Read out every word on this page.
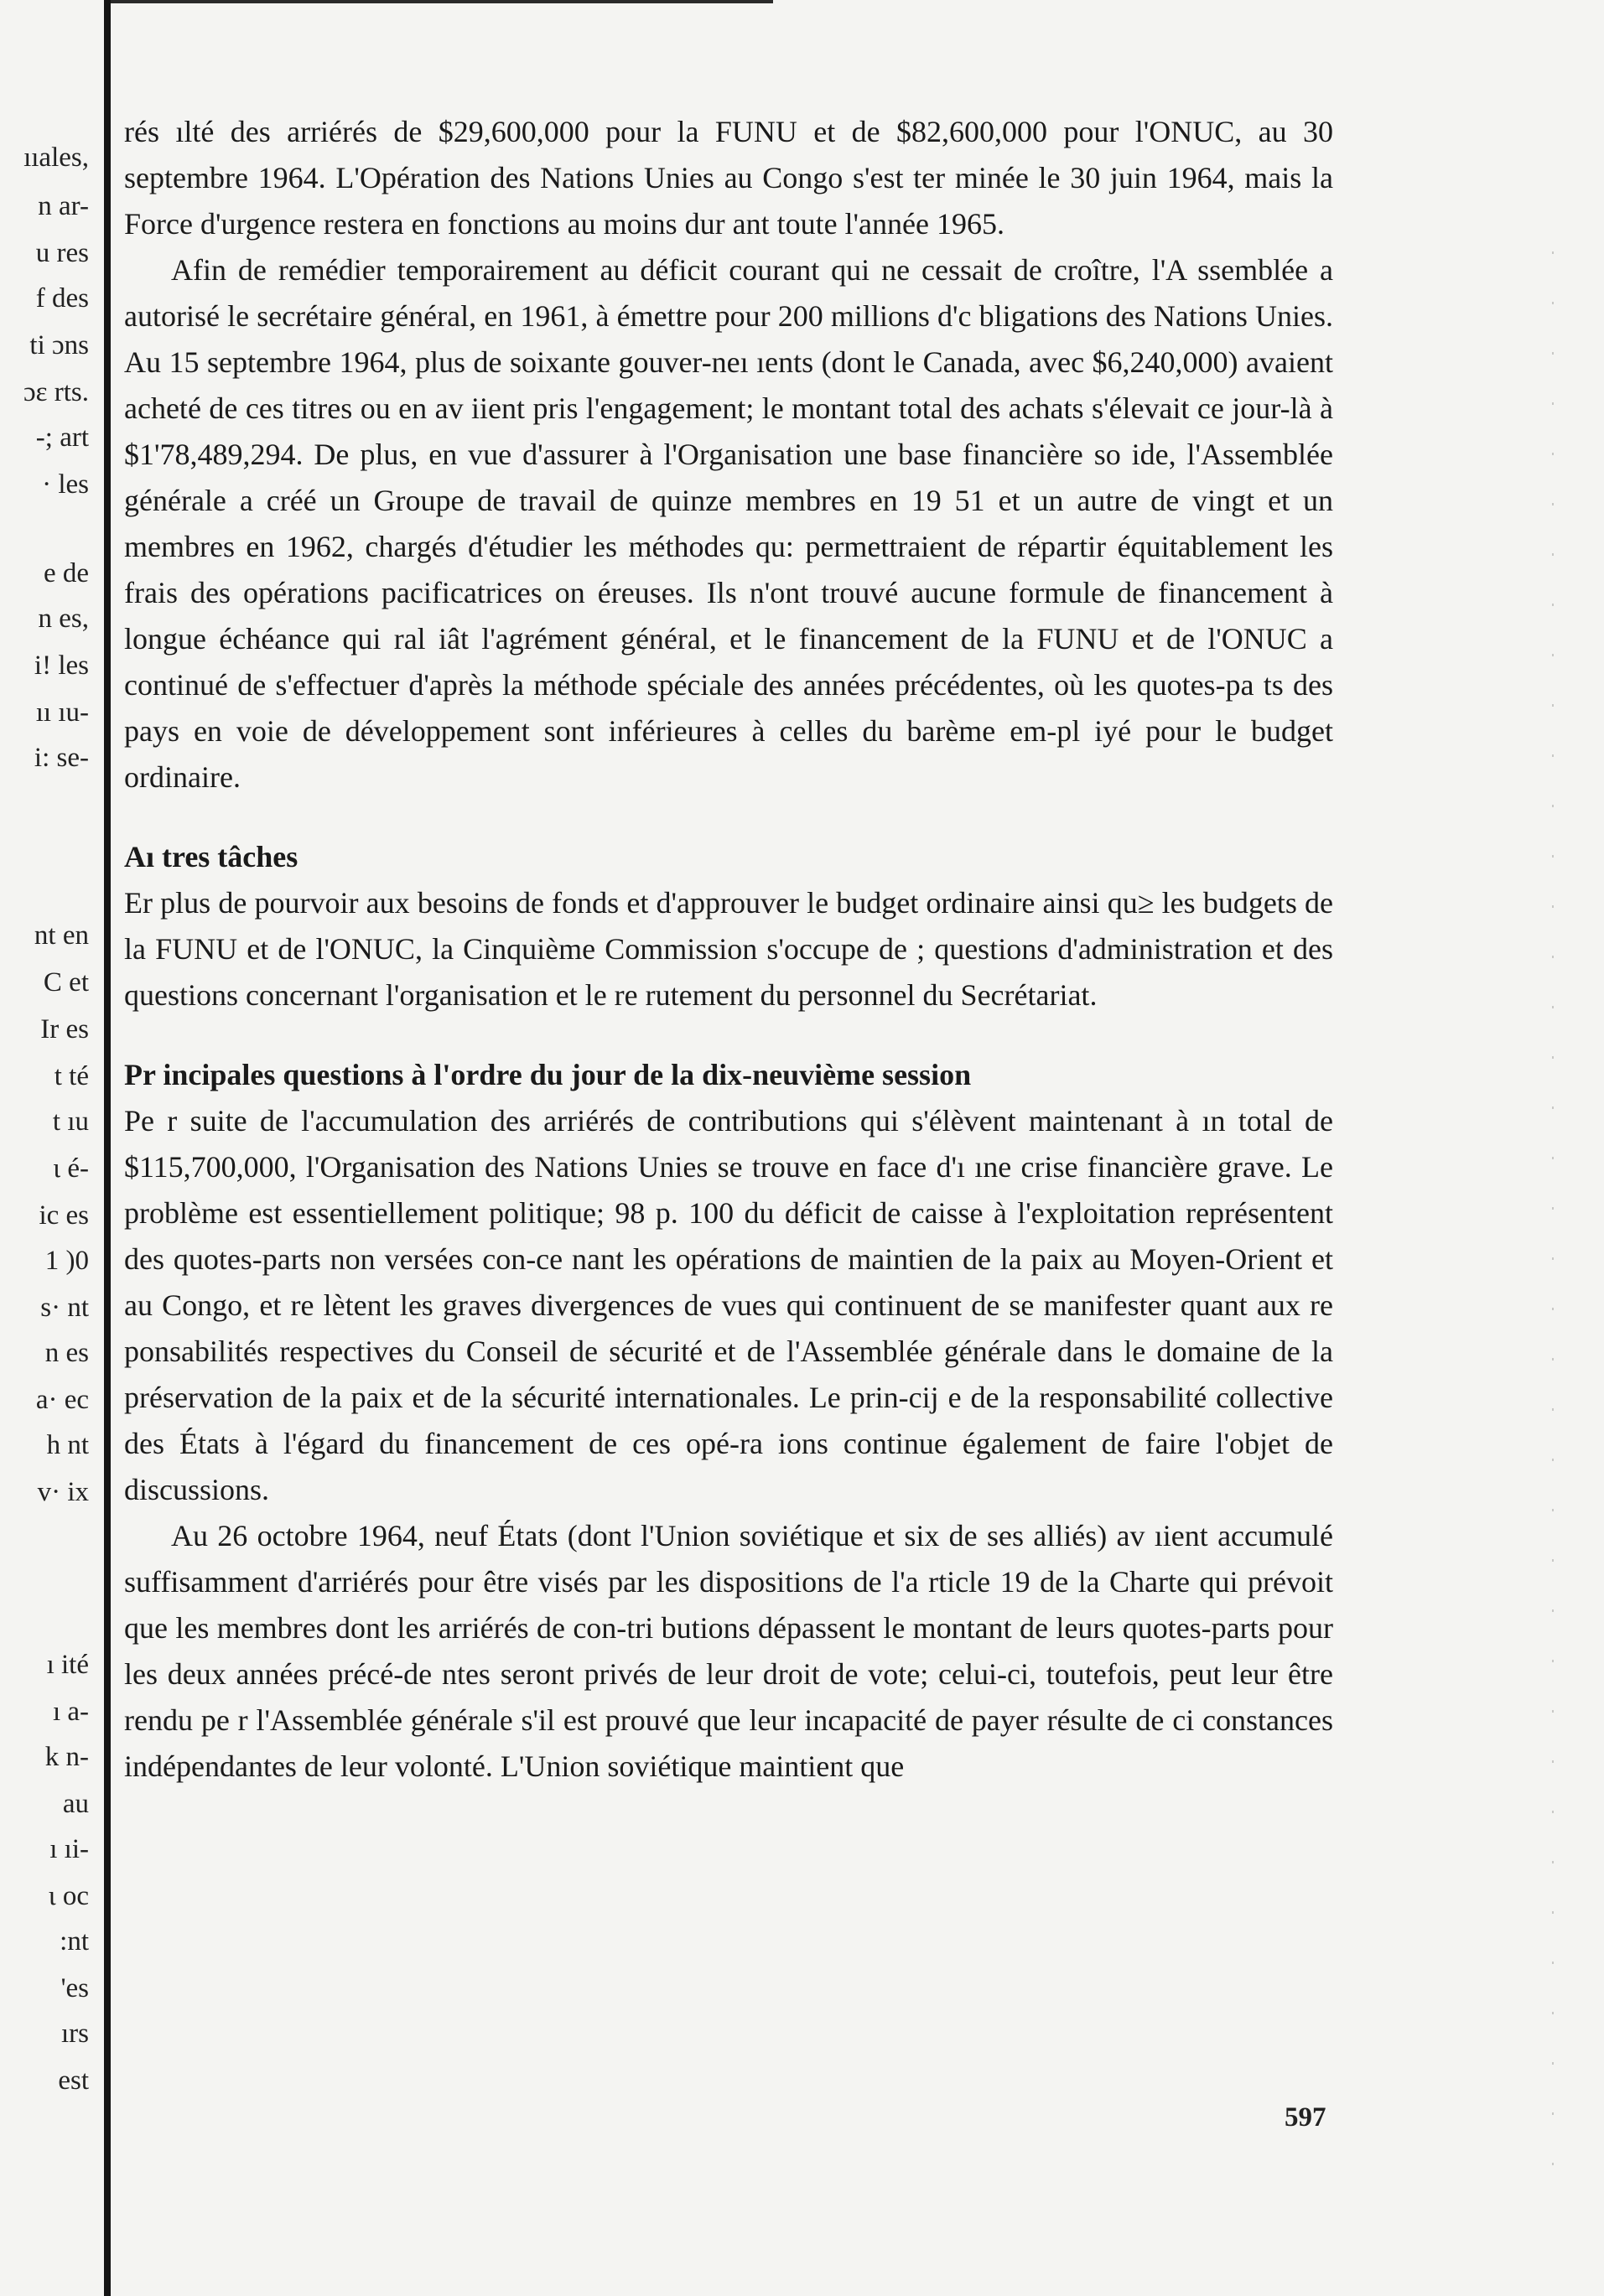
ııales,
n ar-
u res
f des
ti ɔns
ɔɛ rts.
-; art
· les
e de
n es,
i! les
ıı ıu-
i: se-
nt en
C et
Ir es
t té
t ıu
ι é-
ic es
1 )0
s· nt
n es
a· ec
h nt
v· ix
ı ité
ı a-
k n-
au
ı ıi-
ι oc
:nt
'es
ırs
est

rés ılté des arriérés de $29,600,000 pour la FUNU et de $82,600,000 pour l'ONUC, au 30 septembre 1964. L'Opération des Nations Unies au Congo s'est ter minée le 30 juin 1964, mais la Force d'urgence restera en fonctions au moins dur ant toute l'année 1965.

Afin de remédier temporairement au déficit courant qui ne cessait de croître, l'A ssemblée a autorisé le secrétaire général, en 1961, à émettre pour 200 millions d'c bligations des Nations Unies. Au 15 septembre 1964, plus de soixante gouver-neı ıents (dont le Canada, avec $6,240,000) avaient acheté de ces titres ou en av iient pris l'engagement; le montant total des achats s'élevait ce jour-là à $1'78,489,294. De plus, en vue d'assurer à l'Organisation une base financière so ide, l'Assemblée générale a créé un Groupe de travail de quinze membres en 19 51 et un autre de vingt et un membres en 1962, chargés d'étudier les méthodes qu: permettraient de répartir équitablement les frais des opérations pacificatrices on éreuses. Ils n'ont trouvé aucune formule de financement à longue échéance qui ral iât l'agrément général, et le financement de la FUNU et de l'ONUC a continué de s'effectuer d'après la méthode spéciale des années précédentes, où les quotes-pa ts des pays en voie de développement sont inférieures à celles du barème em-pl iyé pour le budget ordinaire.

Aı tres tâches

Er plus de pourvoir aux besoins de fonds et d'approuver le budget ordinaire ainsi qu≥ les budgets de la FUNU et de l'ONUC, la Cinquième Commission s'occupe de ; questions d'administration et des questions concernant l'organisation et le re rutement du personnel du Secrétariat.

Pr incipales questions à l'ordre du jour de la dix-neuvième session

Pe r suite de l'accumulation des arriérés de contributions qui s'élèvent maintenant à ın total de $115,700,000, l'Organisation des Nations Unies se trouve en face d'ı ıne crise financière grave. Le problème est essentiellement politique; 98 p. 100 du déficit de caisse à l'exploitation représentent des quotes-parts non versées con-ce nant les opérations de maintien de la paix au Moyen-Orient et au Congo, et re lètent les graves divergences de vues qui continuent de se manifester quant aux re ponsabilités respectives du Conseil de sécurité et de l'Assemblée générale dans le domaine de la préservation de la paix et de la sécurité internationales. Le prin-cij e de la responsabilité collective des États à l'égard du financement de ces opé-ra ions continue également de faire l'objet de discussions.

Au 26 octobre 1964, neuf États (dont l'Union soviétique et six de ses alliés) av ıient accumulé suffisamment d'arriérés pour être visés par les dispositions de l'a rticle 19 de la Charte qui prévoit que les membres dont les arriérés de con-tri butions dépassent le montant de leurs quotes-parts pour les deux années précé-de ntes seront privés de leur droit de vote; celui-ci, toutefois, peut leur être rendu pe r l'Assemblée générale s'il est prouvé que leur incapacité de payer résulte de ci constances indépendantes de leur volonté. L'Union soviétique maintient que

597
